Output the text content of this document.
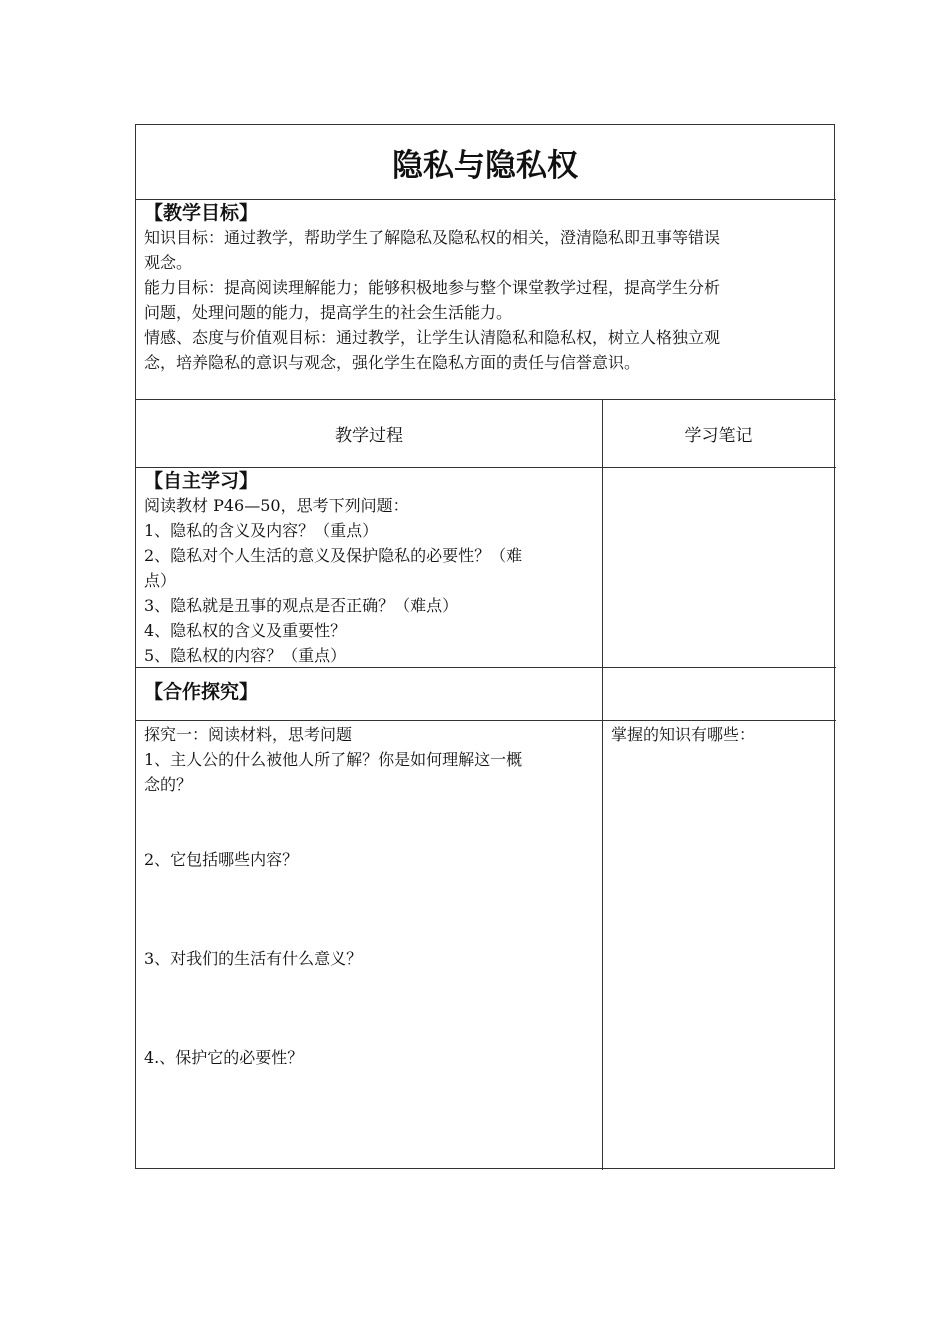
隐私与隐私权
【教学目标】
知识目标：通过教学，帮助学生了解隐私及隐私权的相关，澄清隐私即丑事等错误
观念。
能力目标：提高阅读理解能力；能够积极地参与整个课堂教学过程，提高学生分析
问题，处理问题的能力，提高学生的社会生活能力。
情感、态度与价值观目标：通过教学，让学生认清隐私和隐私权，树立人格独立观
念，培养隐私的意识与观念，强化学生在隐私方面的责任与信誉意识。
教学过程	学习笔记
【自主学习】
阅读教材 P46—50，思考下列问题：
1、隐私的含义及内容？（重点）
2、隐私对个人生活的意义及保护隐私的必要性？（难
点）
3、隐私就是丑事的观点是否正确？（难点）
4、隐私权的含义及重要性？
5、隐私权的内容？（重点）
【合作探究】
探究一：阅读材料，思考问题
1、主人公的什么被他人所了解？你是如何理解这一概
念的？
2、它包括哪些内容？
3、对我们的生活有什么意义？
4.、保护它的必要性？
掌握的知识有哪些：
